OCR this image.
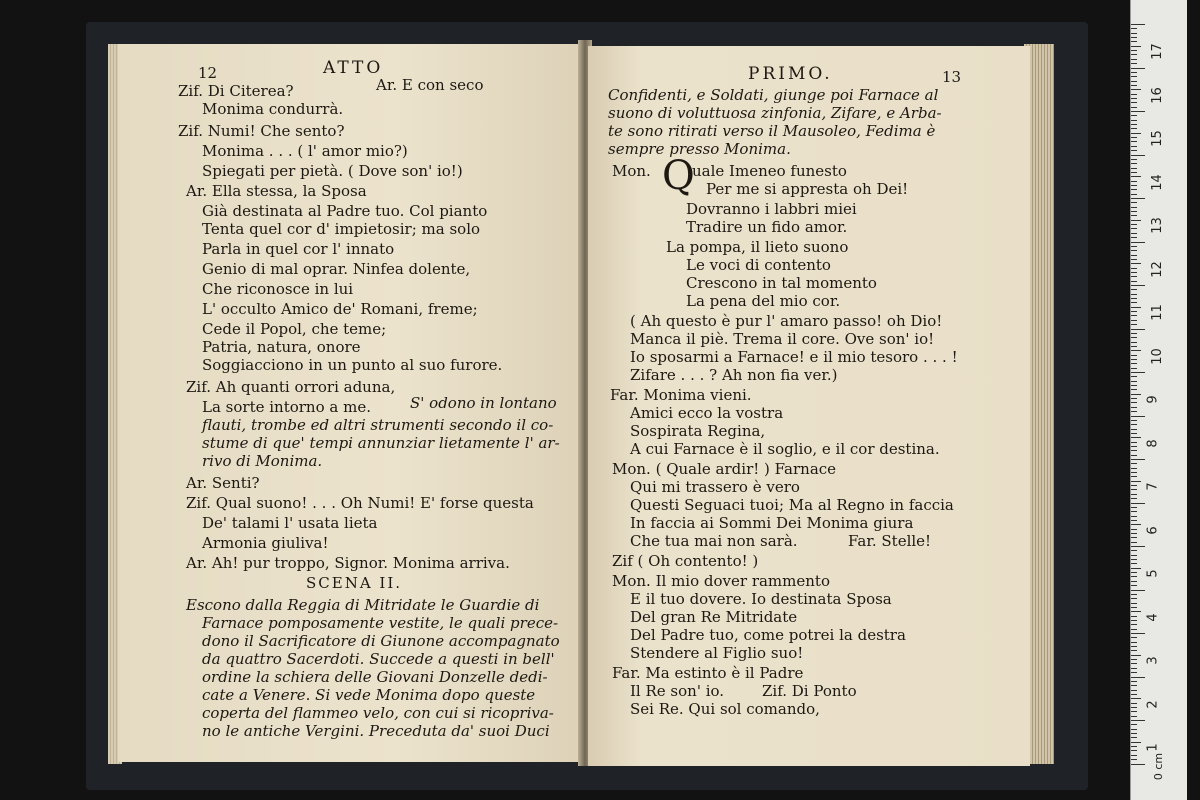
12	ATTO
Zif. Di Citerea?	Ar. E con seco
Monima condurrà.
Zif. Numi! Che sento?
Monima . . . ( l' amor mio?)
Spiegati per pietà. ( Dove son' io!)
Ar. Ella stessa, la Sposa
Già destinata al Padre tuo. Col pianto
Tenta quel cor d' impietosir; ma solo
Parla in quel cor l' innato
Genio di mal oprar. Ninfea dolente,
Che riconosce in lui
L' occulto Amico de' Romani, freme;
Cede il Popol, che teme;
Patria, natura, onore
Soggiacciono in un punto al suo furore.
Zif. Ah quanti orrori aduna,
La sorte intorno a me.	S' odono in lontano
flauti, trombe ed altri strumenti secondo il co-
stume di que' tempi annunziar lietamente l' ar-
rivo di Monima.
Ar. Senti?
Zif. Qual suono! . . . Oh Numi! E' forse questa
De' talami l' usata lieta
Armonia giuliva!
Ar. Ah! pur troppo, Signor. Monima arriva.
SCENA II.
Escono dalla Reggia di Mitridate le Guardie di
Farnace pomposamente vestite, le quali prece-
dono il Sacrificatore di Giunone accompagnato
da quattro Sacerdoti. Succede a questi in bell'
ordine la schiera delle Giovani Donzelle dedi-
cate a Venere. Si vede Monima dopo queste
coperta del flammeo velo, con cui si ricopriva-
no le antiche Vergini. Preceduta da' suoi Duci
PRIMO.	13
Confidenti, e Soldati, giunge poi Farnace al
suono di voluttuosa zinfonia, Zifare, e Arba-
te sono ritirati verso il Mausoleo, Fedima è
sempre presso Monima.
Mon. Q
uale Imeneo funesto
Per me si appresta oh Dei!
Dovranno i labbri miei
Tradire un fido amor.
La pompa, il lieto suono
Le voci di contento
Crescono in tal momento
La pena del mio cor.
( Ah questo è pur l' amaro passo! oh Dio!
Manca il piè. Trema il core. Ove son' io!
Io sposarmi a Farnace! e il mio tesoro . . . !
Zifare . . . ? Ah non fia ver.)
Far. Monima vieni.
Amici ecco la vostra
Sospirata Regina,
A cui Farnace è il soglio, e il cor destina.
Mon. ( Quale ardir! ) Farnace
Qui mi trassero è vero
Questi Seguaci tuoi; Ma al Regno in faccia
In faccia ai Sommi Dei Monima giura
Che tua mai non sarà.	Far. Stelle!
Zif ( Oh contento! )
Mon. Il mio dover rammento
E il tuo dovere. Io destinata Sposa
Del gran Re Mitridate
Del Padre tuo, come potrei la destra
Stendere al Figlio suo!
Far. Ma estinto è il Padre
Il Re son' io.	Zif. Di Ponto
Sei Re. Qui sol comando,
0 cm
17
16
15
14
13
12
11
10
9
8
7
6
5
4
3
2
1
